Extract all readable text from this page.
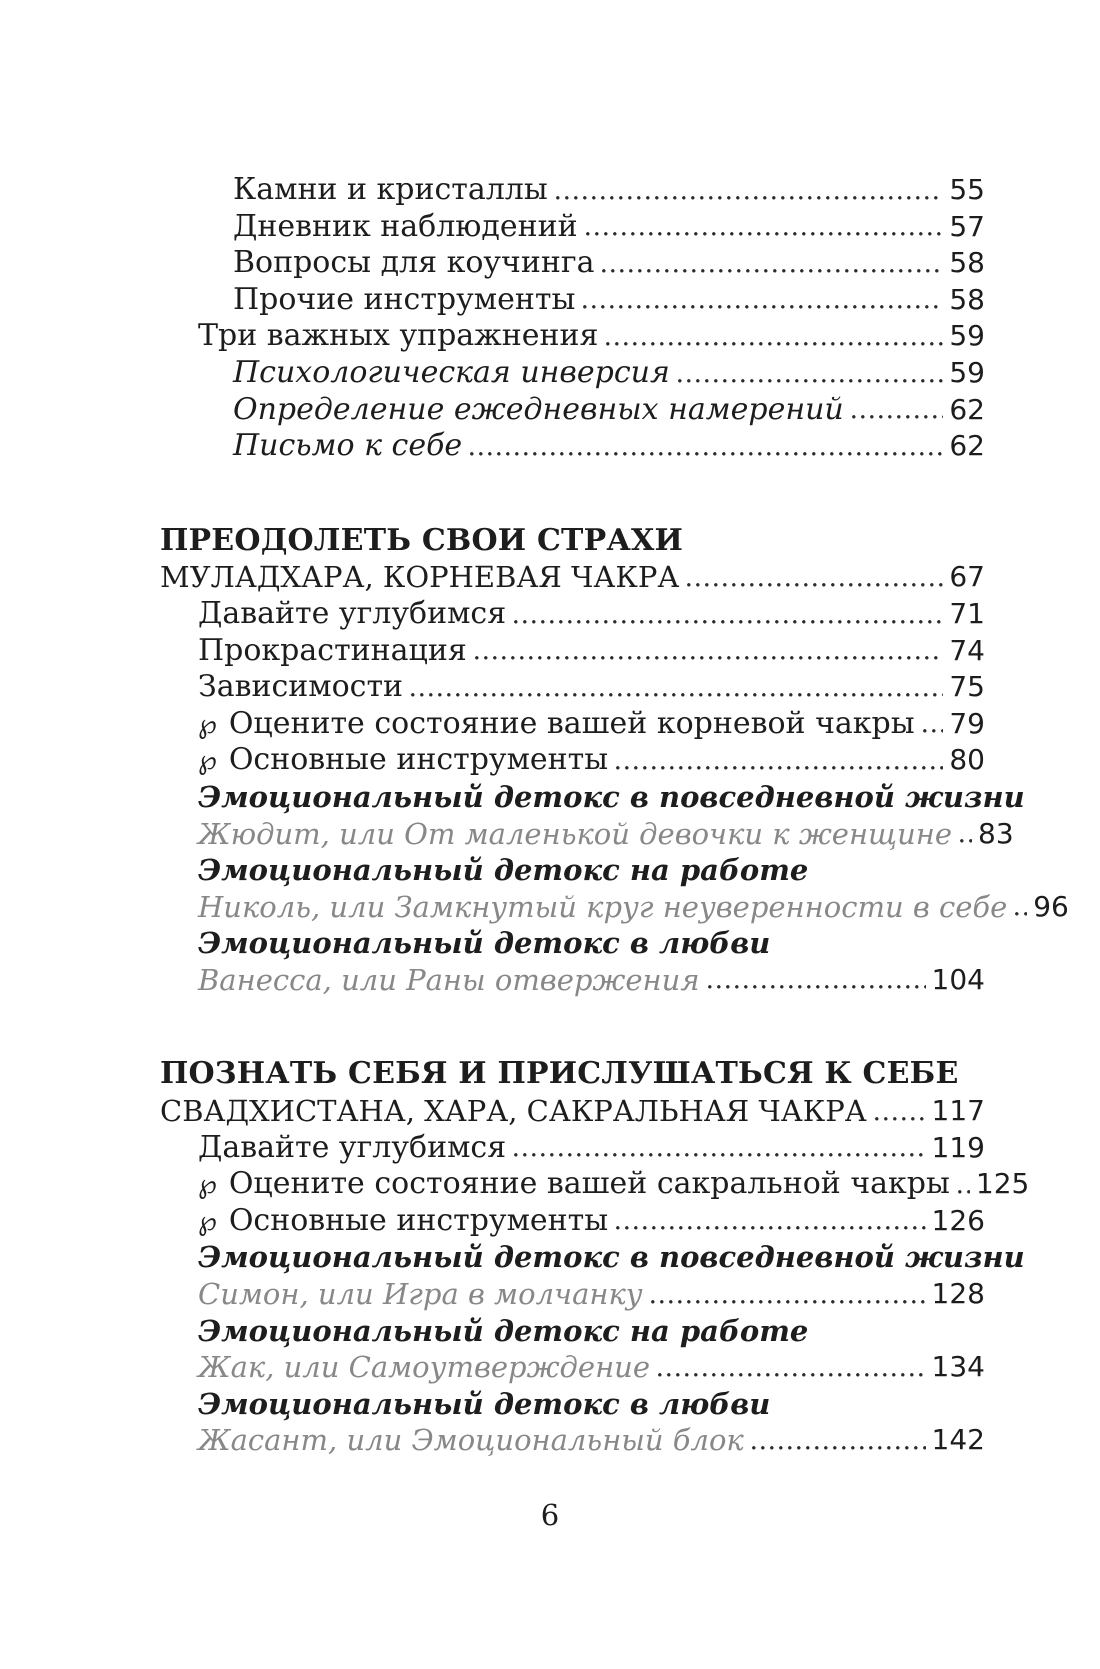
Камни и кристаллы	55
Дневник наблюдений	57
Вопросы для коучинга	58
Прочие инструменты	58
Три важных упражнения	59
Психологическая инверсия	59
Определение ежедневных намерений	62
Письмо к себе	62
ПРЕОДОЛЕТЬ СВОИ СТРАХИ
МУЛАДХАРА, КОРНЕВАЯ ЧАКРА	67
Давайте углубимся	71
Прокрастинация	74
Зависимости	75
℘ Оцените состояние вашей корневой чакры 79
℘ Основные инструменты	80
Эмоциональный детокс в повседневной жизни
Жюдит, или От маленькой девочки к женщине 83
Эмоциональный детокс на работе
Николь, или Замкнутый круг неуверенности в себе 96
Эмоциональный детокс в любви
Ванесса, или Раны отвержения	104
ПОЗНАТЬ СЕБЯ И ПРИСЛУШАТЬСЯ К СЕБЕ
СВАДХИСТАНА, ХАРА, САКРАЛЬНАЯ ЧАКРА 117
Давайте углубимся	119
℘ Оцените состояние вашей сакральной чакры 125
℘ Основные инструменты	126
Эмоциональный детокс в повседневной жизни
Симон, или Игра в молчанку	128
Эмоциональный детокс на работе
Жак, или Самоутверждение	134
Эмоциональный детокс в любви
Жасант, или Эмоциональный блок	142
6
